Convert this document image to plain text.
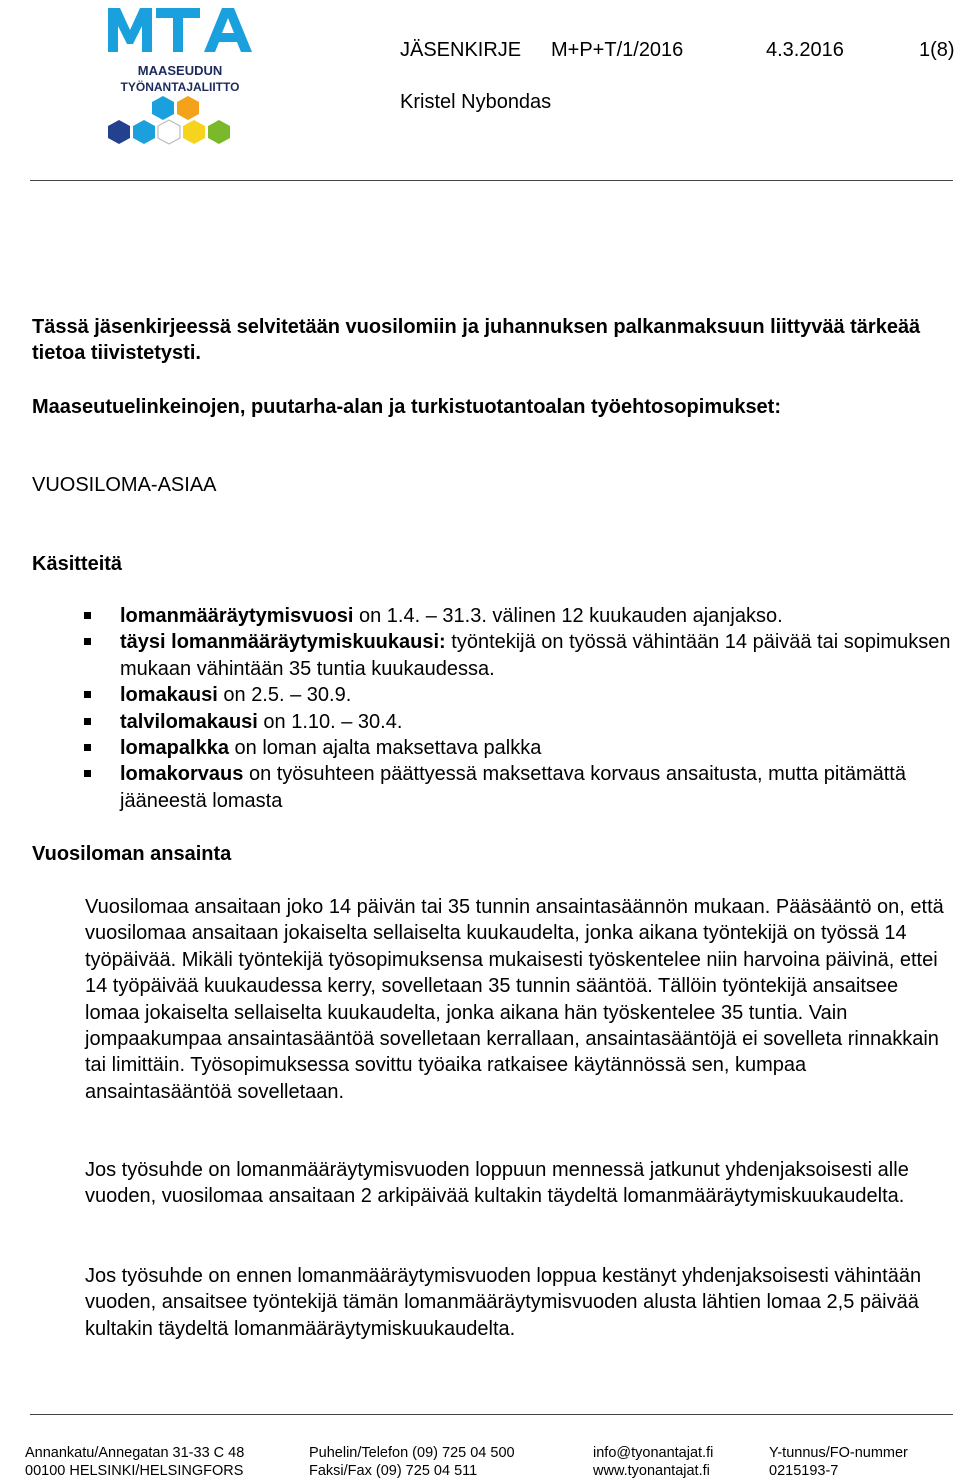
MAASEUDUN
TYÖNANTAJALIITTO
JÄSENKIRJE M+P+T/1/2016	4.3.2016	1(8)
Kristel Nybondas
Tässä jäsenkirjeessä selvitetään vuosilomiin ja juhannuksen palkanmaksuun liittyvää tärkeää tietoa tiivistetysti.
Maaseutuelinkeinojen, puutarha-alan ja turkistuotantoalan työehtosopimukset:
VUOSILOMA-ASIAA
Käsitteitä
lomanmääräytymisvuosi on 1.4. – 31.3. välinen 12 kuukauden ajanjakso.
täysi lomanmääräytymiskuukausi: työntekijä on työssä vähintään 14 päivää tai sopimuksen mukaan vähintään 35 tuntia kuukaudessa.
lomakausi on 2.5. – 30.9.
talvilomakausi on 1.10. – 30.4.
lomapalkka on loman ajalta maksettava palkka
lomakorvaus on työsuhteen päättyessä maksettava korvaus ansaitusta, mutta pitämättä jääneestä lomasta
Vuosiloman ansainta
Vuosilomaa ansaitaan joko 14 päivän tai 35 tunnin ansaintasäännön mukaan. Pääsääntö on, että vuosilomaa ansaitaan jokaiselta sellaiselta kuukaudelta, jonka aikana työntekijä on työssä 14 työpäivää. Mikäli työntekijä työsopimuksensa mukaisesti työskentelee niin harvoina päivinä, ettei 14 työpäivää kuukaudessa kerry, sovelletaan 35 tunnin sääntöä. Tällöin työntekijä ansaitsee lomaa jokaiselta sellaiselta kuukaudelta, jonka aikana hän työskentelee 35 tuntia. Vain jompaakumpaa ansaintasääntöä sovelletaan kerrallaan, ansaintasääntöjä ei sovelleta rinnakkain tai limittäin. Työsopimuksessa sovittu työaika ratkaisee käytännössä sen, kumpaa ansaintasääntöä sovelletaan.
Jos työsuhde on lomanmääräytymisvuoden loppuun mennessä jatkunut yhdenjaksoisesti alle vuoden, vuosilomaa ansaitaan 2 arkipäivää kultakin täydeltä lomanmääräytymiskuukaudelta.
Jos työsuhde on ennen lomanmääräytymisvuoden loppua kestänyt yhdenjaksoisesti vähintään vuoden, ansaitsee työntekijä tämän lomanmääräytymisvuoden alusta lähtien lomaa 2,5 päivää kultakin täydeltä lomanmääräytymiskuukaudelta.
Annankatu/Annegatan 31-33 C 48
00100 HELSINKI/HELSINGFORS
Puhelin/Telefon (09) 725 04 500
Faksi/Fax (09) 725 04 511
info@tyonantajat.fi
www.tyonantajat.fi
Y-tunnus/FO-nummer
0215193-7
